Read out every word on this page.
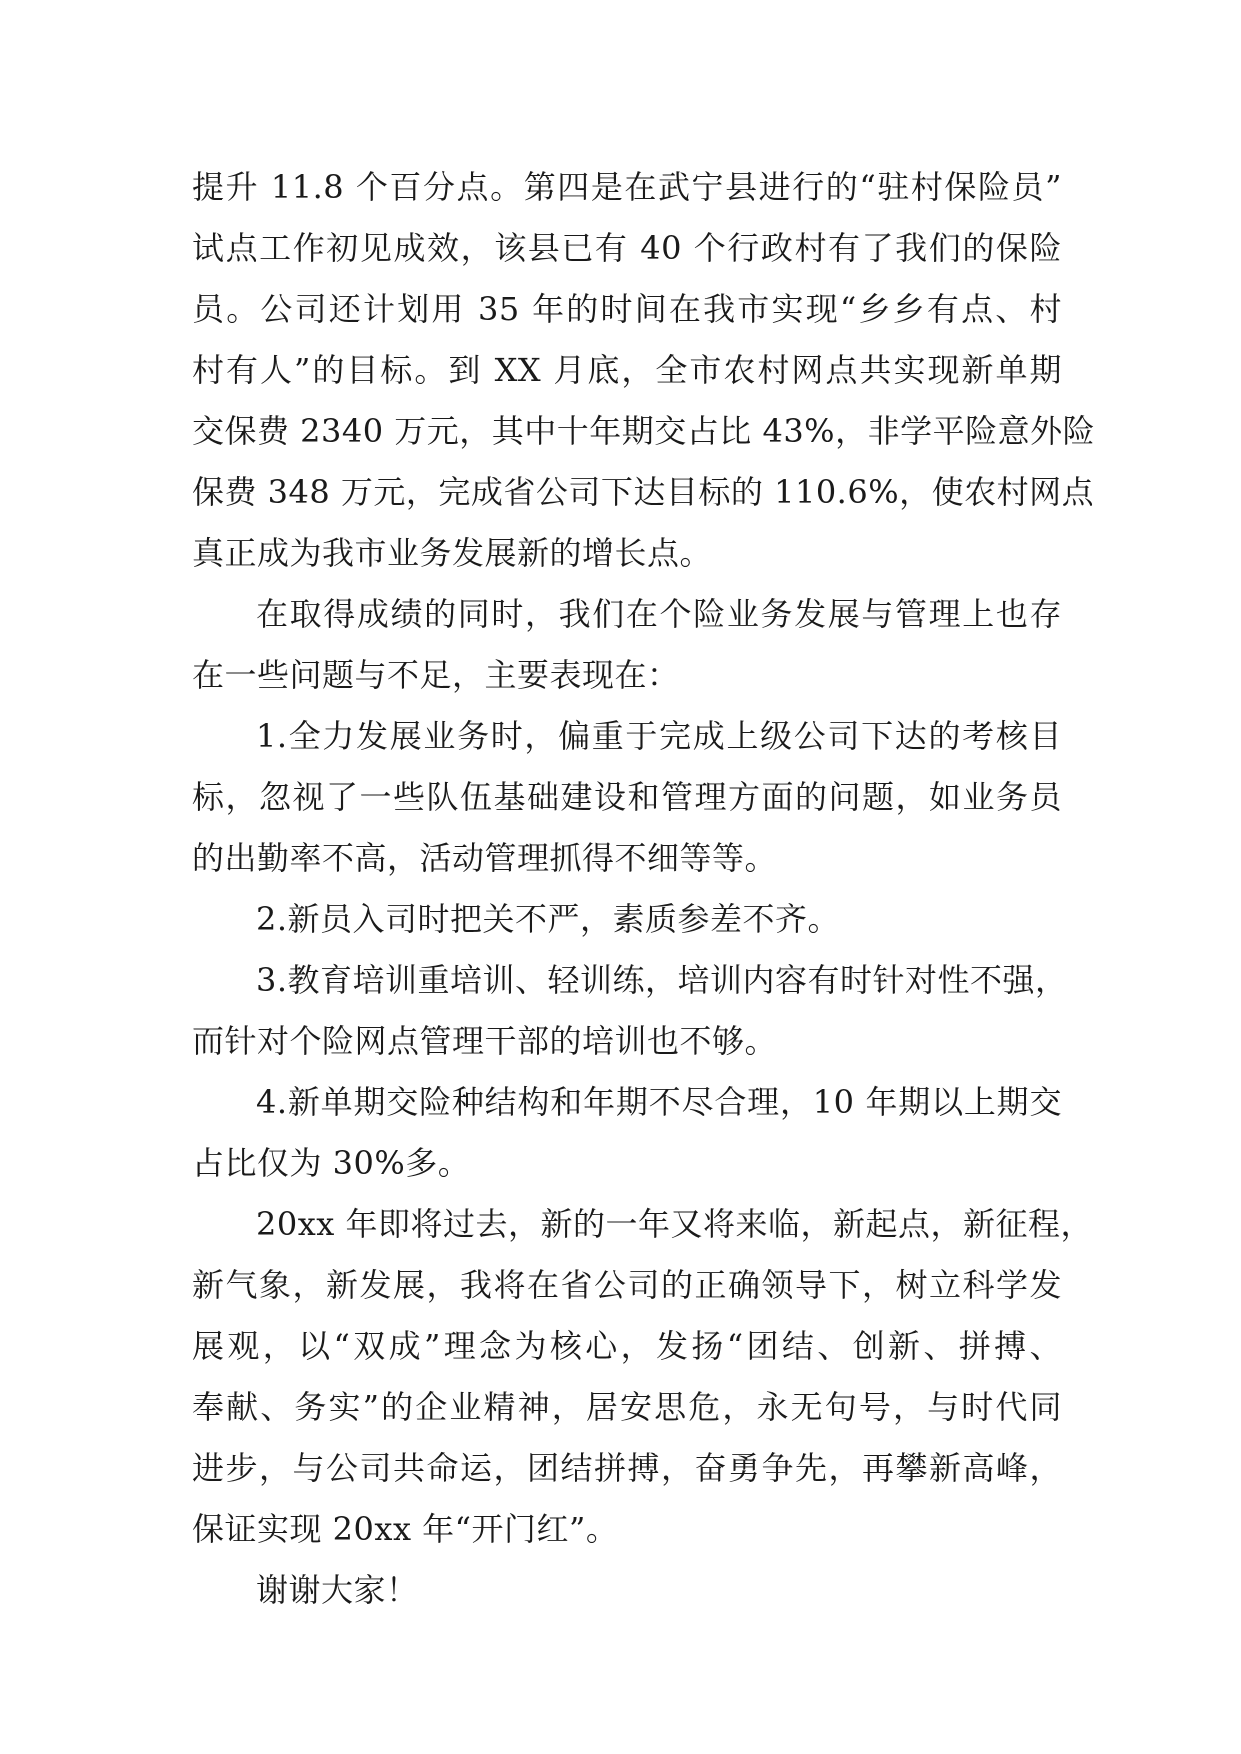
提升 11.8 个百分点。第四是在武宁县进行的“驻村保险员”
试点工作初见成效，该县已有 40 个行政村有了我们的保险
员。公司还计划用 35 年的时间在我市实现“乡乡有点、村
村有人”的目标。到 XX 月底，全市农村网点共实现新单期
交保费 2340 万元，其中十年期交占比 43%，非学平险意外险
保费 348 万元，完成省公司下达目标的 110.6%，使农村网点
真正成为我市业务发展新的增长点。
在取得成绩的同时，我们在个险业务发展与管理上也存
在一些问题与不足，主要表现在：
1.全力发展业务时，偏重于完成上级公司下达的考核目
标，忽视了一些队伍基础建设和管理方面的问题，如业务员
的出勤率不高，活动管理抓得不细等等。
2.新员入司时把关不严，素质参差不齐。
3.教育培训重培训、轻训练，培训内容有时针对性不强，
而针对个险网点管理干部的培训也不够。
4.新单期交险种结构和年期不尽合理，10 年期以上期交
占比仅为 30%多。
20xx 年即将过去，新的一年又将来临，新起点，新征程，
新气象，新发展，我将在省公司的正确领导下，树立科学发
展观，以“双成”理念为核心，发扬“团结、创新、拼搏、
奉献、务实”的企业精神，居安思危，永无句号，与时代同
进步，与公司共命运，团结拼搏，奋勇争先，再攀新高峰，
保证实现 20xx 年“开门红”。
谢谢大家！
